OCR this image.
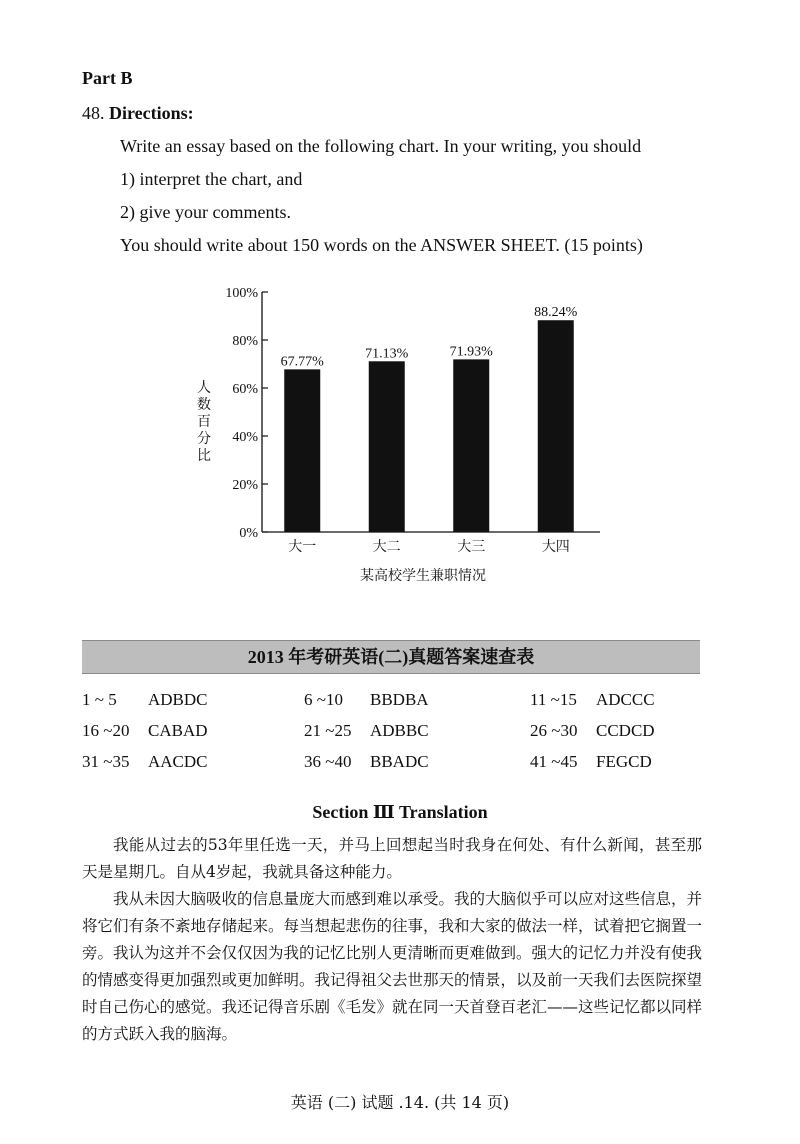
Part B
48. Directions:
Write an essay based on the following chart. In your writing, you should
1) interpret the chart, and
2) give your comments.
You should write about 150 words on the ANSWER SHEET. (15 points)
0%
20%
40%
60%
80%
100%
人
数
百
分
比
67.77%
大一
71.13%
大二
71.93%
大三
88.24%
大四
某高校学生兼职情况
2013 年考研英语(二)真题答案速查表
1 ~ 5 ADBDC	6 ~10 BBDBA	11 ~15 ADCCC
16 ~20 CABAD	21 ~25 ADBBC	26 ~30 CCDCD
31 ~35 AACDC	36 ~40 BBADC	41 ~45 FEGCD
Section Ⅲ Translation

我能从过去的53年里任选一天，并马上回想起当时我身在何处、有什么新闻，甚至那天是星期几。自从4岁起，我就具备这种能力。

我从未因大脑吸收的信息量庞大而感到难以承受。我的大脑似乎可以应对这些信息，并将它们有条不紊地存储起来。每当想起悲伤的往事，我和大家的做法一样，试着把它搁置一旁。我认为这并不会仅仅因为我的记忆比别人更清晰而更难做到。强大的记忆力并没有使我的情感变得更加强烈或更加鲜明。我记得祖父去世那天的情景，以及前一天我们去医院探望时自己伤心的感觉。我还记得音乐剧《毛发》就在同一天首登百老汇——这些记忆都以同样的方式跃入我的脑海。

英语 (二) 试题 .14. (共 14 页)
